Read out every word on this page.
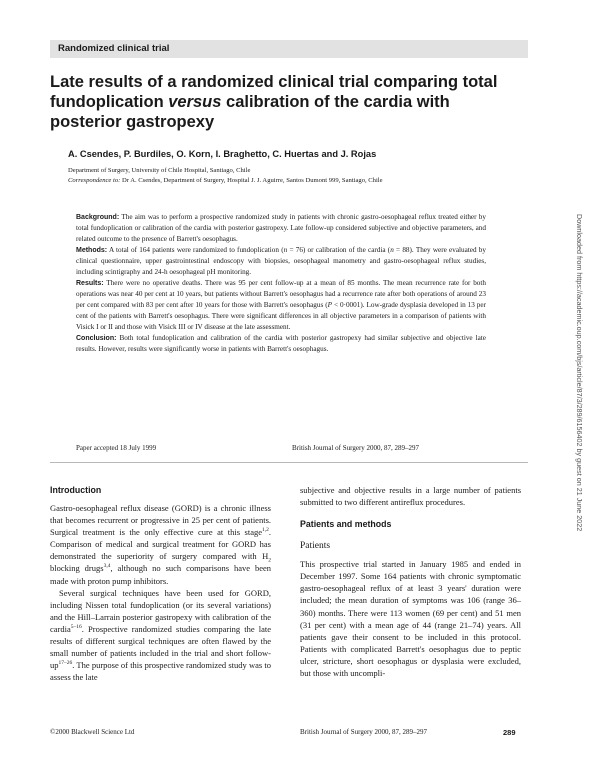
Randomized clinical trial
Late results of a randomized clinical trial comparing total fundoplication versus calibration of the cardia with posterior gastropexy
A. Csendes, P. Burdiles, O. Korn, I. Braghetto, C. Huertas and J. Rojas
Department of Surgery, University of Chile Hospital, Santiago, Chile
Correspondence to: Dr A. Csendes, Department of Surgery, Hospital J. J. Aguirre, Santos Dumont 999, Santiago, Chile

Background: The aim was to perform a prospective randomized study in patients with chronic gastro-oesophageal reflux treated either by total fundoplication or calibration of the cardia with posterior gastropexy. Late follow-up considered subjective and objective parameters, and related outcome to the presence of Barrett's oesophagus.

Methods: A total of 164 patients were randomized to fundoplication (n = 76) or calibration of the cardia (n = 88). They were evaluated by clinical questionnaire, upper gastrointestinal endoscopy with biopsies, oesophageal manometry and gastro-oesophageal reflux studies, including scintigraphy and 24-h oesophageal pH monitoring.

Results: There were no operative deaths. There was 95 per cent follow-up at a mean of 85 months. The mean recurrence rate for both operations was near 40 per cent at 10 years, but patients without Barrett's oesophagus had a recurrence rate after both operations of around 23 per cent compared with 83 per cent after 10 years for those with Barrett's oesophagus (P < 0·0001). Low-grade dysplasia developed in 13 per cent of the patients with Barrett's oesophagus. There were significant differences in all objective parameters in a comparison of patients with Visick I or II and those with Visick III or IV disease at the late assessment.

Conclusion: Both total fundoplication and calibration of the cardia with posterior gastropexy had similar subjective and objective late results. However, results were significantly worse in patients with Barrett's oesophagus.

Paper accepted 18 July 1999	British Journal of Surgery 2000, 87, 289–297
Introduction

Gastro-oesophageal reflux disease (GORD) is a chronic illness that becomes recurrent or progressive in 25 per cent of patients. Surgical treatment is the only effective cure at this stage$^{1,2}$. Comparison of medical and surgical treatment for GORD has demonstrated the superiority of surgery compared with $H_2$ blocking drugs$^{3,4}$, although no such comparisons have been made with proton pump inhibitors.

Several surgical techniques have been used for GORD, including Nissen total fundoplication (or its several variations) and the Hill–Larrain posterior gastropexy with calibration of the cardia$^{5-16}$. Prospective randomized studies comparing the late results of different surgical techniques are often flawed by the small number of patients included in the trial and short follow-$up^{17-26}$. The purpose of this prospective randomized study was to assess the late

subjective and objective results in a large number of patients submitted to two different antireflux procedures.

Patients and methods
Patients

This prospective trial started in January 1985 and ended in December 1997. Some 164 patients with chronic symptomatic gastro-oesophageal reflux of at least 3 years' duration were included; the mean duration of symptoms was 106 (range 36–360) months. There were 113 women (69 per cent) and 51 men (31 per cent) with a mean age of 44 (range 21–74) years. All patients gave their consent to be included in this protocol. Patients with complicated Barrett's oesophagus due to peptic ulcer, stricture, short oesophagus or dysplasia were excluded, but those with uncompli-

©2000 Blackwell Science Ltd	British Journal of Surgery 2000, 87, 289–297	289
Downloaded from https://academic.oup.com/bjs/article/87/3/289/6156402 by guest on 21 June 2022
